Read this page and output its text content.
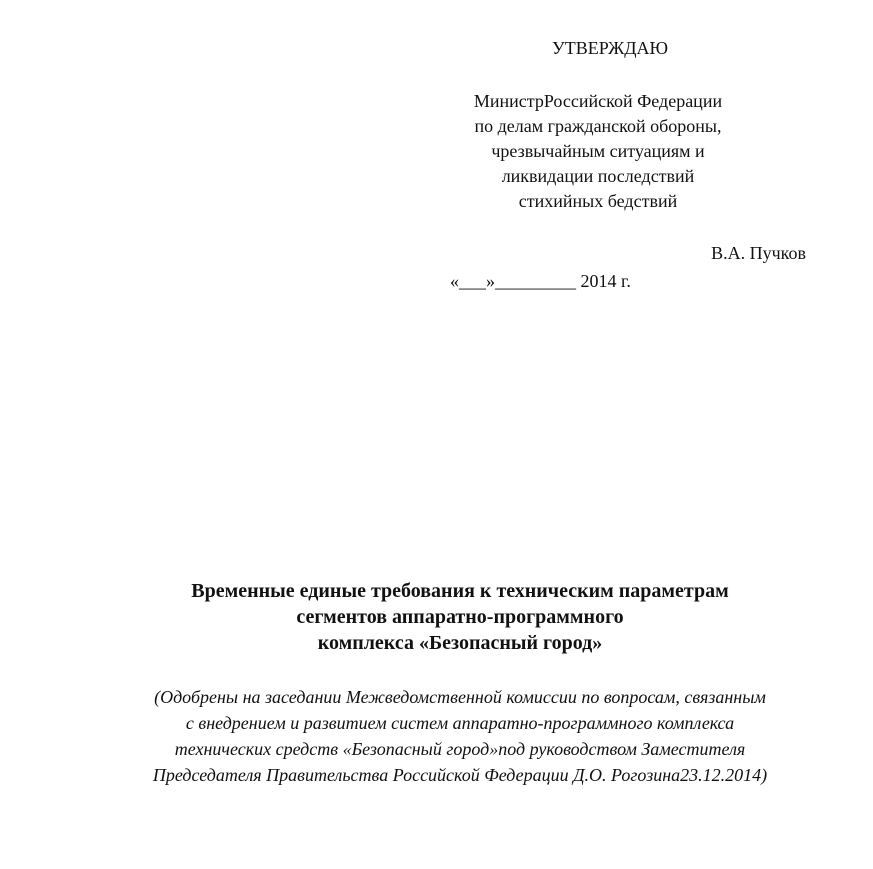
УТВЕРЖДАЮ
МинистрРоссийской Федерации
по делам гражданской обороны,
чрезвычайным ситуациям и
ликвидации последствий
стихийных бедствий
В.А. Пучков
«___»_________ 2014 г.
Временные единые требования к техническим параметрам
сегментов аппаратно-программного
комплекса «Безопасный город»
(Одобрены на заседании Межведомственной комиссии по вопросам, связанным
с внедрением и развитием систем аппаратно-программного комплекса
технических средств «Безопасный город»под руководством Заместителя
Председателя Правительства Российской Федерации Д.О. Рогозина23.12.2014)
